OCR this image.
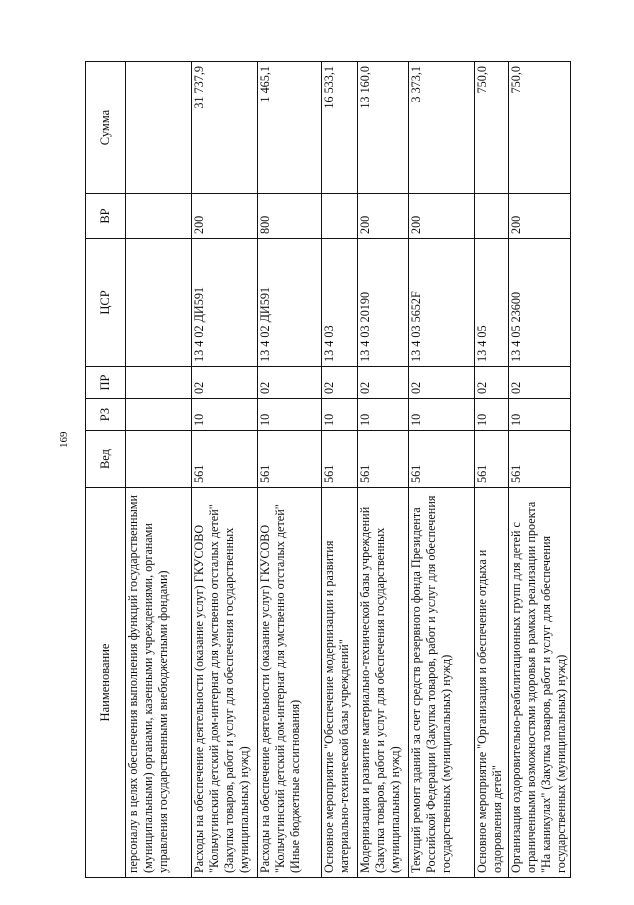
169
Наименование	Вед	РЗ	ПР	ЦСР	ВР	Сумма
персоналу в целях обеспечения выполнения функций государственными (муниципальными) органами, казенными учреждениями, органами управления государственными внебюджетными фондами)						
Расходы на обеспечение деятельности (оказание услуг) ГКУСОВО "Кольчугинский детский дом-интернат для умственно отсталых детей" (Закупка товаров, работ и услуг для обеспечения государственных (муниципальных) нужд)	561	10	02	13 4 02 ДИ591	200	31 737,9
Расходы на обеспечение деятельности (оказание услуг) ГКУСОВО "Кольчугинский детский дом-интернат для умственно отсталых детей" (Иные бюджетные ассигнования)	561	10	02	13 4 02 ДИ591	800	1 465,1
Основное мероприятие "Обеспечение модернизации и развития материально-технической базы учреждений"	561	10	02	13 4 03		16 533,1
Модернизация и развитие материально-технической базы учреждений (Закупка товаров, работ и услуг для обеспечения государственных (муниципальных) нужд)	561	10	02	13 4 03 20190	200	13 160,0
Текущий ремонт зданий за счет средств резервного фонда Президента Российской Федерации (Закупка товаров, работ и услуг для обеспечения государственных (муниципальных) нужд)	561	10	02	13 4 03 5652F	200	3 373,1
Основное мероприятие "Организация и обеспечение отдыха и оздоровления детей"	561	10	02	13 4 05		750,0
Организация оздоровительно-реабилитационных групп для детей с ограниченными возможностями здоровья в рамках реализации проекта "На каникулах" (Закупка товаров, работ и услуг для обеспечения государственных (муниципальных) нужд)	561	10	02	13 4 05 23600	200	750,0
